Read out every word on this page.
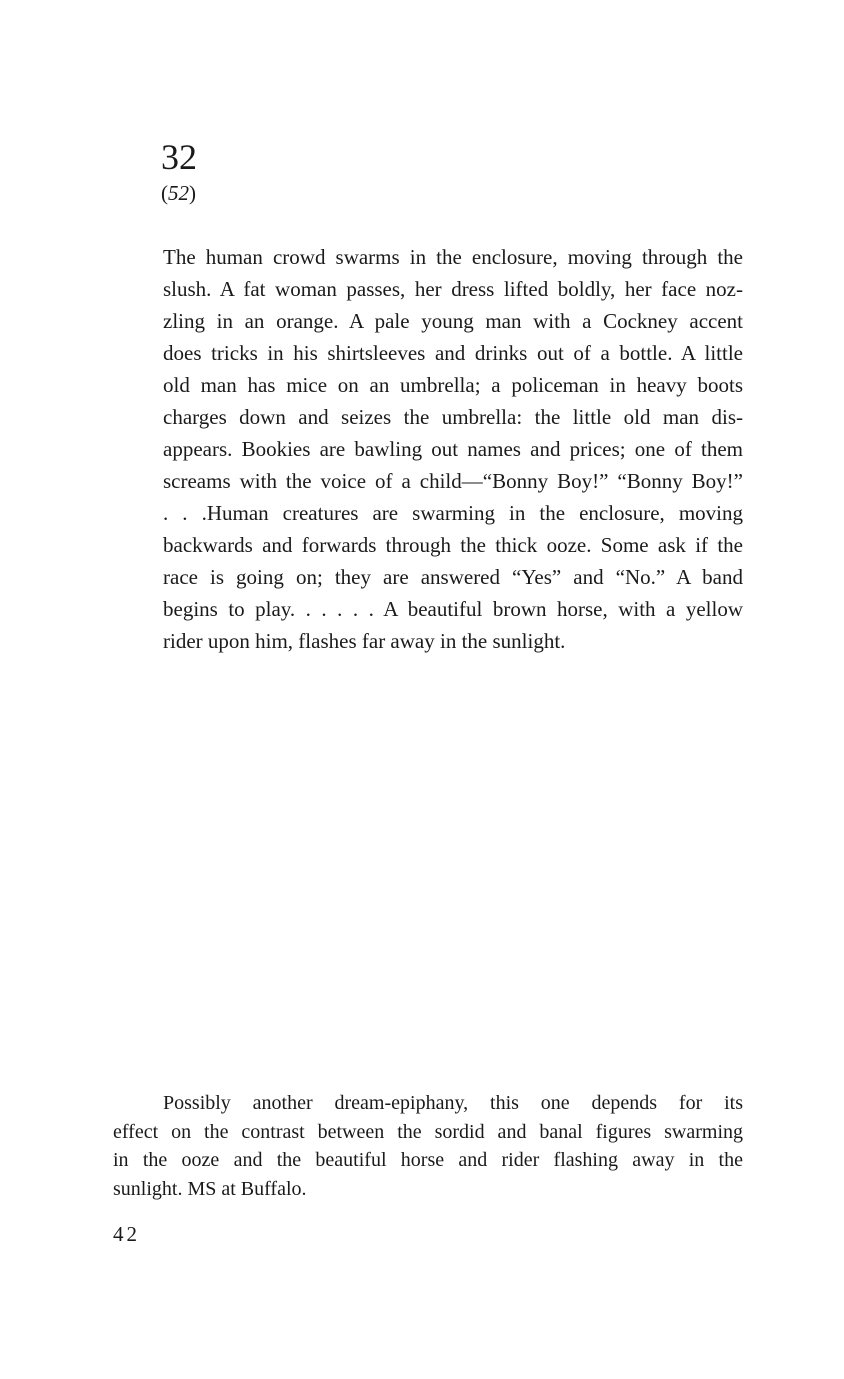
32
(52)
The human crowd swarms in the enclosure, moving through the
slush. A fat woman passes, her dress lifted boldly, her face noz-
zling in an orange. A pale young man with a Cockney accent
does tricks in his shirtsleeves and drinks out of a bottle. A little
old man has mice on an umbrella; a policeman in heavy boots
charges down and seizes the umbrella: the little old man dis-
appears. Bookies are bawling out names and prices; one of them
screams with the voice of a child—“Bonny Boy!” “Bonny Boy!”
. . .Human creatures are swarming in the enclosure, moving
backwards and forwards through the thick ooze. Some ask if the
race is going on; they are answered “Yes” and “No.” A band
begins to play. . . . . . A beautiful brown horse, with a yellow
rider upon him, flashes far away in the sunlight.
Possibly another dream-epiphany, this one depends for its
effect on the contrast between the sordid and banal figures swarming
in the ooze and the beautiful horse and rider flashing away in the
sunlight. MS at Buffalo.
42
